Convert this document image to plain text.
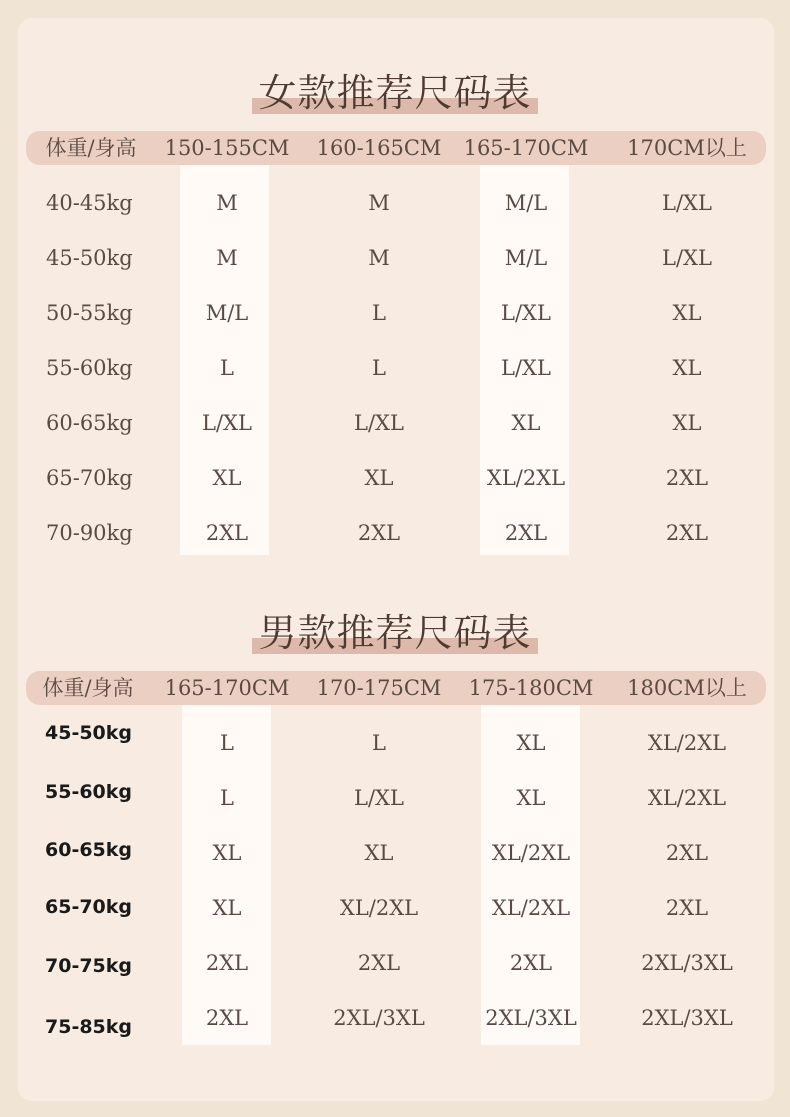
女款推荐尺码表
体重/身高 150-155CM 160-165CM 165-170CM 170CM以上
40-45kg	M	M	M/L	L/XL
45-50kg	M	M	M/L	L/XL
50-55kg	M/L	L	L/XL	XL
55-60kg	L	L	L/XL	XL
60-65kg	L/XL	L/XL	XL	XL
65-70kg	XL	XL	XL/2XL	2XL
70-90kg	2XL	2XL	2XL	2XL
男款推荐尺码表
体重/身高 165-170CM 170-175CM 175-180CM 180CM以上
45-50kg	L	L	XL	XL/2XL
55-60kg	L	L/XL	XL	XL/2XL
60-65kg	XL	XL	XL/2XL	2XL
65-70kg	XL	XL/2XL	XL/2XL	2XL
70-75kg	2XL	2XL	2XL	2XL/3XL
75-85kg	2XL	2XL/3XL	2XL/3XL	2XL/3XL
